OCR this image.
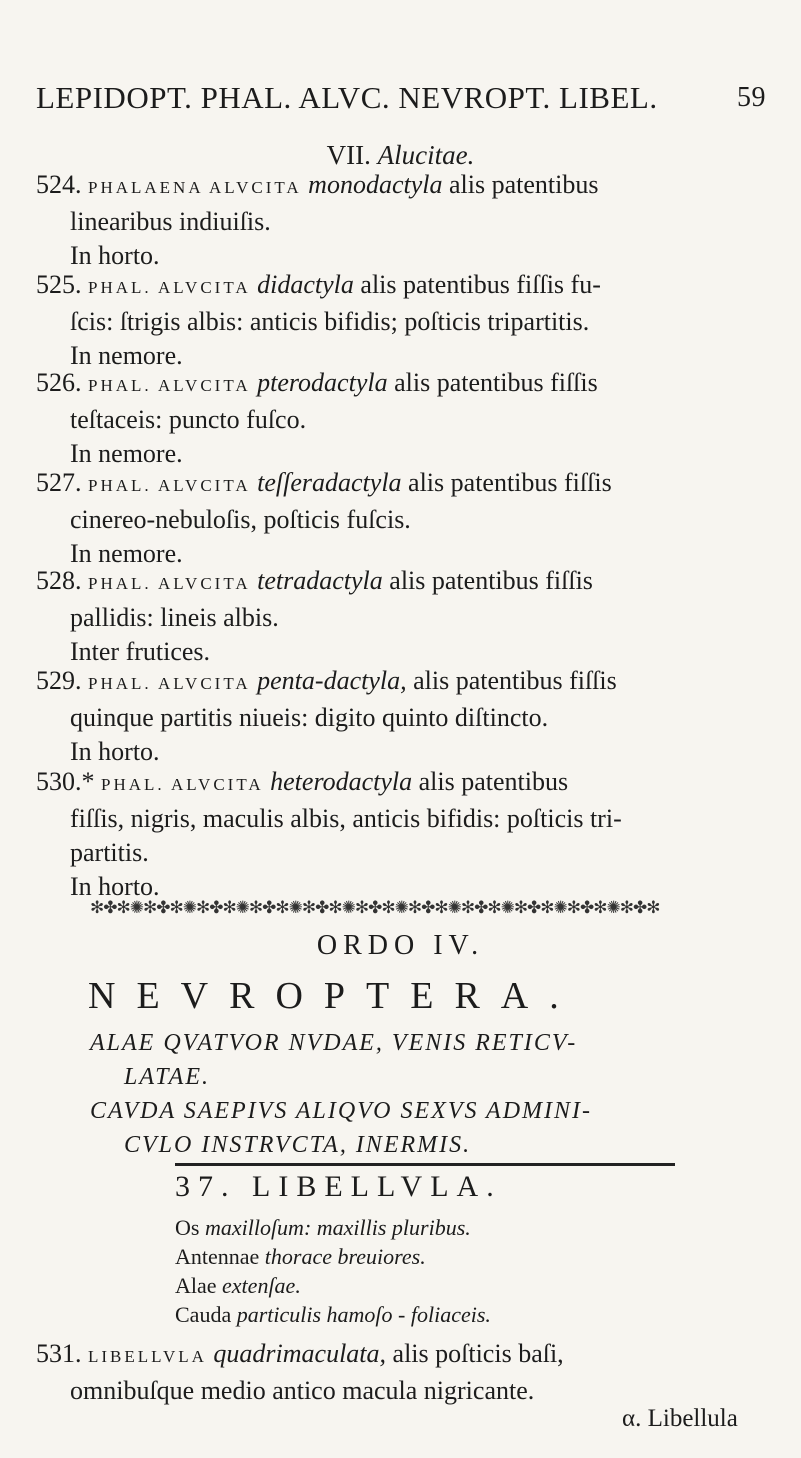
LEPIDOPT. PHAL. ALVC. NEVROPT. LIBEL.	59
VII. Alucitae.
524. PHALAENA ALVCITA monodactyla alis patentibus
linearibus indiuiſis.
In horto.
525. PHAL. ALVCITA didactyla alis patentibus fiſſis fu-
ſcis: ſtrigis albis: anticis bifidis; poſticis tripartitis.
In nemore.
526. PHAL. ALVCITA pterodactyla alis patentibus fiſſis
teſtaceis: puncto fuſco.
In nemore.
527. PHAL. ALVCITA teſſeradactyla alis patentibus fiſſis
cinereo-nebuloſis, poſticis fuſcis.
In nemore.
528. PHAL. ALVCITA tetradactyla alis patentibus fiſſis
pallidis: lineis albis.
Inter frutices.
529. PHAL. ALVCITA penta-dactyla, alis patentibus fiſſis
quinque partitis niueis: digito quinto diſtincto.
In horto.
530.* PHAL. ALVCITA heterodactyla alis patentibus
fiſſis, nigris, maculis albis, anticis bifidis: poſticis tri-
partitis.
In horto.
✻✤✻✺✻✤✻✺✻✤✻✺✻✤✻✺✻✤✻✺✻✤✻✺✻✤✻✺✻✤✻✺✻✤✻✺✻✤✻✺✻✤✻
ORDO IV.
NEVROPTERA.
ALAE QVATVOR NVDAE, VENIS RETICV-
LATAE.
CAVDA SAEPIVS ALIQVO SEXVS ADMINI-
CVLO INSTRVCTA, INERMIS.
37. LIBELLVLA.
Os maxilloſum: maxillis pluribus.
Antennae thorace breuiores.
Alae extenſae.
Cauda particulis hamoſo - foliaceis.
531. LIBELLVLA quadrimaculata, alis poſticis baſi,
omnibuſque medio antico macula nigricante.
α. Libellula
